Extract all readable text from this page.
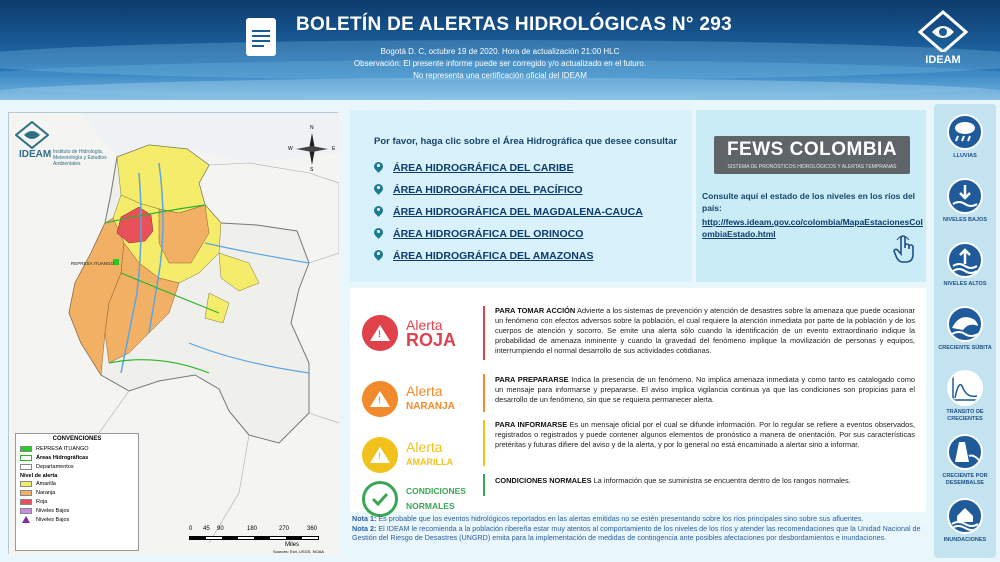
BOLETÍN DE ALERTAS HIDROLÓGICAS N° 293
Bogotá D. C, octubre 19 de 2020. Hora de actualización 21:00 HLC
Observación: El presente informe puede ser corregido y/o actualizado en el futuro.
No representa una certificación oficial del IDEAM
IDEAM
REPRESA ITUANGO
IDEAM Instituto de Hidrología, Meteorología y Estudios Ambientales
N
S
E
W
CONVENCIONES
REPRESA ITUANGO
Áreas Hidrográficas
Departamentos
Nivel de alerta
Amarilla
Naranja
Roja
Niveles Bajos
Niveles Bajos
0 45 90	180	270	360
Miles
Sources: Esri, USGS, NOAA
Por favor, haga clic sobre el Área Hidrográfica que desee consultar
ÁREA HIDROGRÁFICA DEL CARIBE
ÁREA HIDROGRÁFICA DEL PACÍFICO
ÁREA HIDROGRÁFICA DEL MAGDALENA-CAUCA
ÁREA HIDROGRÁFICA DEL ORINOCO
ÁREA HIDROGRÁFICA DEL AMAZONAS
FEWS COLOMBIA
SISTEMA DE PRONÓSTICOS HIDROLÓGICOS Y ALERTAS TEMPRANAS
Consulte aquí el estado de los niveles en los ríos del país:
http://fews.ideam.gov.co/colombia/MapaEstacionesColombiaEstado.html
!
Alerta
ROJA
PARA TOMAR ACCIÓN Advierte a los sistemas de prevención y atención de desastres sobre la amenaza que puede ocasionar un fenómeno con efectos adversos sobre la población, el cual requiere la atención inmediata por parte de la población y de los cuerpos de atención y socorro. Se emite una alerta sólo cuando la identificación de un evento extraordinario indique la probabilidad de amenaza inminente y cuando la gravedad del fenómeno implique la movilización de personas y equipos, interrumpiendo el normal desarrollo de sus actividades cotidianas.
!
Alerta
NARANJA
PARA PREPARARSE Indica la presencia de un fenómeno. No implica amenaza inmediata y como tanto es catalogado como un mensaje para informarse y prepararse. El aviso implica vigilancia continua ya que las condiciones son propicias para el desarrollo de un fenómeno, sin que se requiera permanecer alerta.
!
Alerta
AMARILLA
PARA INFORMARSE Es un mensaje oficial por el cual se difunde información. Por lo regular se refiere a eventos observados, registrados o registrados y puede contener algunos elementos de pronóstico a manera de orientación. Por sus características pretéritas y futuras difiere del aviso y de la alerta, y por lo general no está encaminado a alertar sino a informar.
CONDICIONES
NORMALES
CONDICIONES NORMALES La información que se suministra se encuentra dentro de los rangos normales.
Nota 1: Es probable que los eventos hidrológicos reportados en las alertas emitidas no se estén presentando sobre los ríos principales sino sobre sus afluentes.
Nota 2: El IDEAM le recomienda a la población ribereña estar muy atentos al comportamiento de los niveles de los ríos y atender las recomendaciones que la Unidad Nacional de Gestión del Riesgo de Desastres (UNGRD) emita para la implementación de medidas de contingencia ante posibles afectaciones por desbordamientos e inundaciones.
LLUVIAS
NIVELES BAJOS
NIVELES ALTOS
CRECIENTE SÚBITA
TRÁNSITO DE CRECIENTES
CRECIENTE POR DESEMBALSE
INUNDACIONES
